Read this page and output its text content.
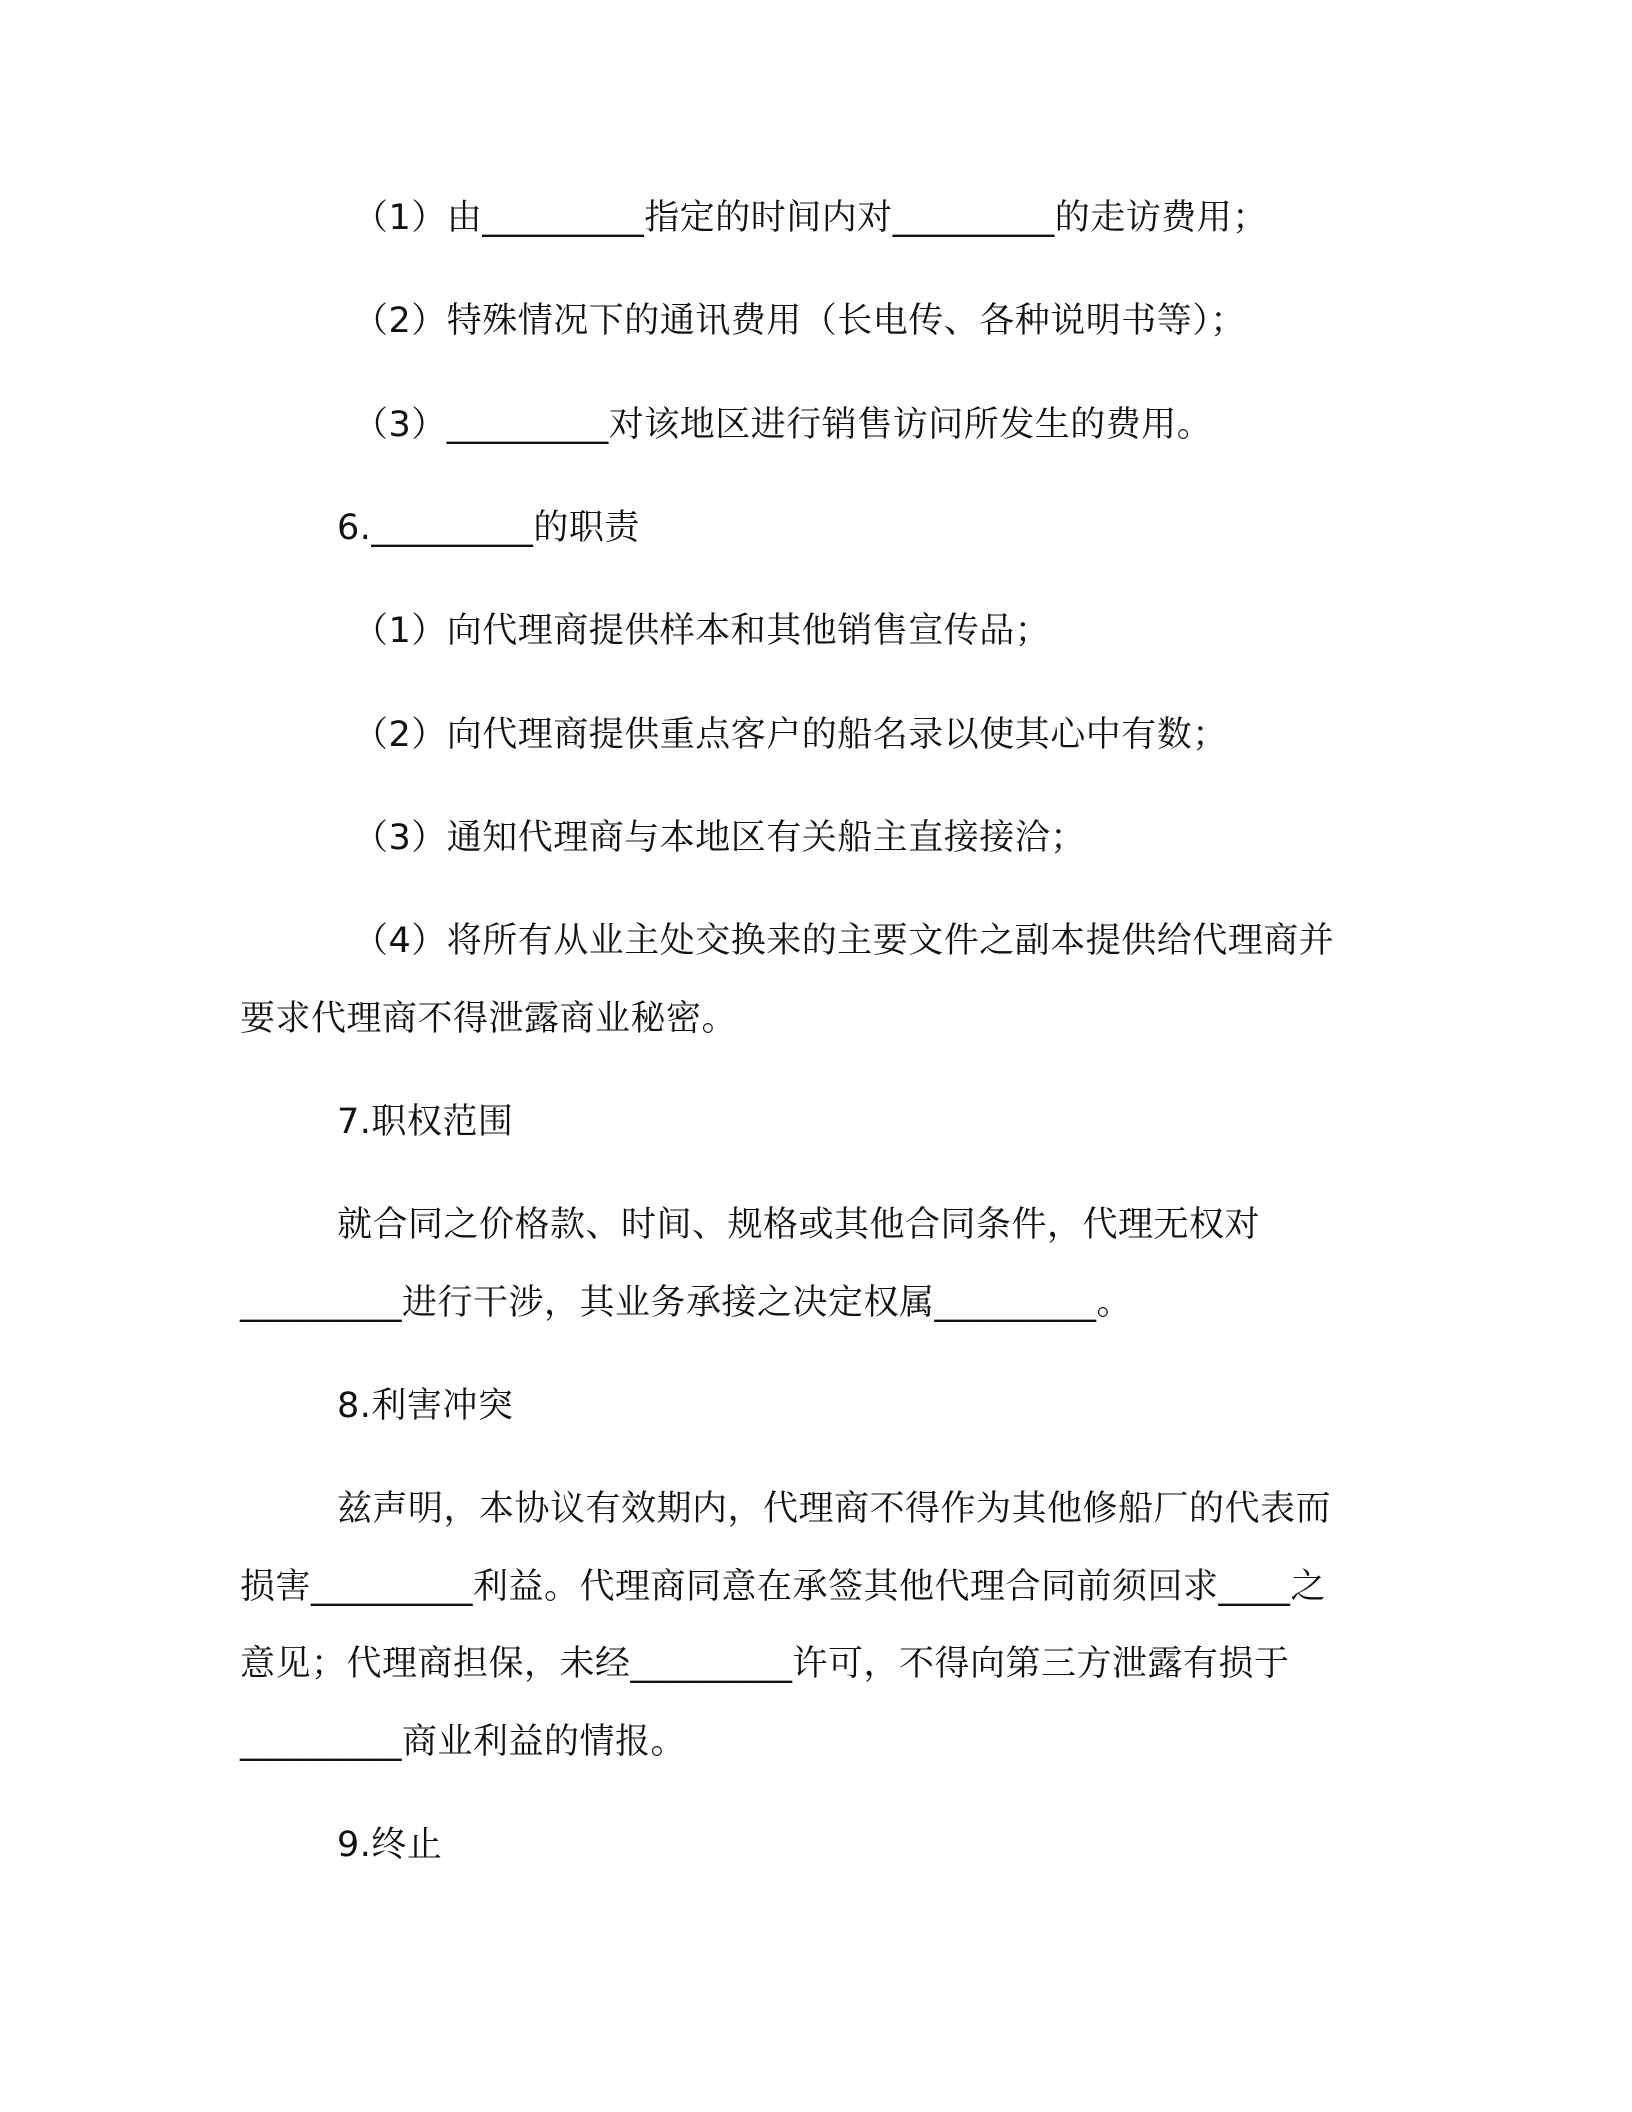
（1）由_________指定的时间内对_________的走访费用；
（2）特殊情况下的通讯费用（长电传、各种说明书等）；
（3）_________对该地区进行销售访问所发生的费用。
6._________的职责
（1）向代理商提供样本和其他销售宣传品；
（2）向代理商提供重点客户的船名录以使其心中有数；
（3）通知代理商与本地区有关船主直接接洽；
（4）将所有从业主处交换来的主要文件之副本提供给代理商并
要求代理商不得泄露商业秘密。
7.职权范围
就合同之价格款、时间、规格或其他合同条件，代理无权对
_________进行干涉，其业务承接之决定权属_________。
8.利害冲突
兹声明，本协议有效期内，代理商不得作为其他修船厂的代表而
损害_________利益。代理商同意在承签其他代理合同前须回求____之
意见；代理商担保，未经_________许可，不得向第三方泄露有损于
_________商业利益的情报。
9.终止
